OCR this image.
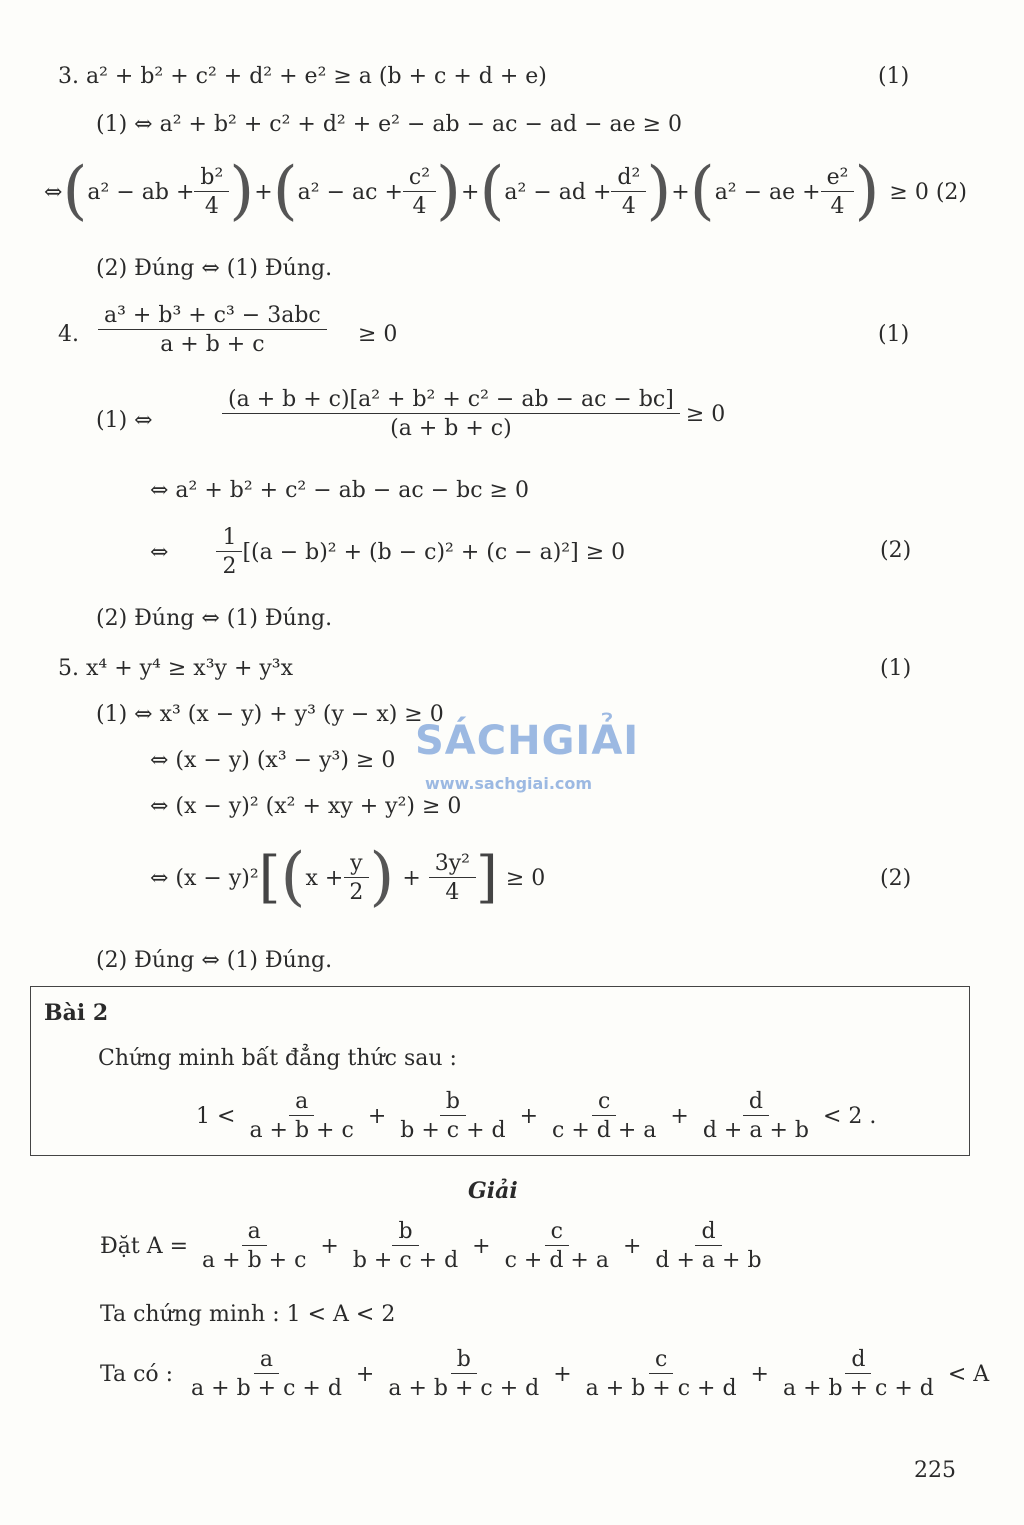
3. a² + b² + c² + d² + e² ≥ a (b + c + d + e)	(1)
(1) ⇔ a² + b² + c² + d² + e² − ab − ac − ad − ae ≥ 0
⇔ ( a² − ab + $\frac{\text{b²}}{4}$ ) + ( a² − ac + $\frac{\text{c²}}{4}$ ) + ( a² − ad + $\frac{\text{d²}}{4}$ ) + ( a² − ae + $\frac{\text{e²}}{4}$ ) ≥ 0 (2)
(2) Đúng ⇔ (1) Đúng.
4.
a³ + b³ + c³ − 3abc
a + b + c	≥ 0	(1)
(1) ⇔	$\frac{\text{(a + b + c)[a² + b² + c² − ab − ac − bc]}}{(a + b + c)} \ge 0$
⇔ a² + b² + c² − ab − ac − bc ≥ 0
⇔
1
2
[(a − b)² + (b − c)² + (c − a)²] ≥ 0	(2)
(2) Đúng ⇔ (1) Đúng.
5. x⁴ + y⁴ ≥ x³y + y³x	(1)
(1) ⇔ x³ (x − y) + y³ (y − x) ≥ 0
⇔ (x − y) (x³ − y³) ≥ 0
⇔ (x − y)² (x² + xy + y²) ≥ 0
⇔ (x − y)² [ ( $x + \frac{y}{2}$ ) + $\frac{\text{3y²}}{4}$ ] ≥ 0	(2)
(2) Đúng ⇔ (1) Đúng.
SÁCHGIẢI
www.sachgiai.com
Bài 2
Chứng minh bất đẳng thức sau :
1 <
a
a + b + c
+ $\frac{b}{b + c + d} + \frac{c}{c + d + a} + \frac{d}{d + a + b} < 2$ .
Giải
Đặt $A = \frac{a}{a + b + c} + \frac{b}{b + c + d} + \frac{c}{c + d + a} + \frac{d}{d + a + b}$
Ta chứng minh : 1 < A < 2
Ta có :
a
a + b + c + d
+ $\frac{b}{a + b + c + d} + \frac{c}{a + b + c + d} + \frac{d}{a + b + c + d} < A$
225
